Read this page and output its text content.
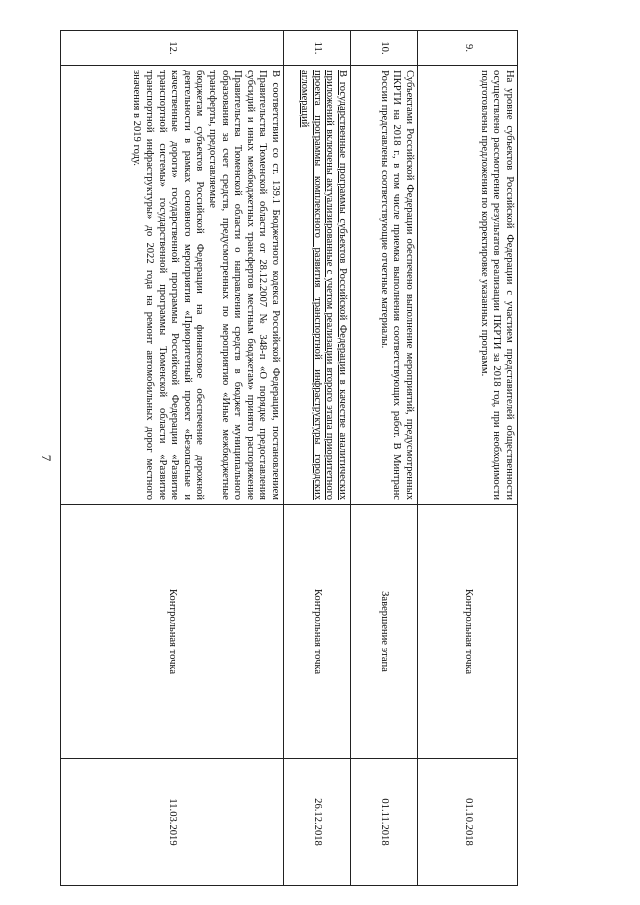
7
9.	На уровне субъектов Российской Федерации с участием представителей общественности осуществлено рассмотрение результатов реализации ПКРТИ за 2018 год, при необходимости подготовлены предложения по корректировке указанных программ.	Контрольная точка	01.10.2018
10.	Субъектами Российской Федерации обеспечено выполнение мероприятий, предусмотренных ПКРТИ на 2018 г., в том числе приемка выполнения соответствующих работ. В Минтранс России представлены соответствующие отчетные материалы.	Завершение этапа	01.11.2018
11.	В государственные программы субъектов Российской Федерации в качестве аналитических приложений включены актуализированные с учетом реализации второго этапа приоритетного проекта программы комплексного развития транспортной инфраструктуры городских агломераций	Контрольная точка	26.12.2018
12.	В соответствии со ст. 139.1 Бюджетного кодекса Российской Федерации, постановлением Правительства Тюменской области от 28.12.2007 № 348-п «О порядке предоставления субсидий и иных межбюджетных трансфертов местным бюджетам» принято распоряжение Правительства Тюменской области о направлении средств в бюджет муниципального образования за счет средств, предусмотренных по мероприятию «Иные межбюджетные трансферты, предоставляемые
бюджетам субъектов Российской Федерации на финансовое обеспечение дорожной деятельности в рамках основного мероприятия «Приоритетный проект «Безопасные и качественные дороги» государственной программы Российской Федерации «Развитие транспортной системы» государственной программы Тюменской области «Развитие транспортной инфраструктуры» до 2022 года на ремонт автомобильных дорог местного значения в 2019 году.	Контрольная точка	11.03.2019
